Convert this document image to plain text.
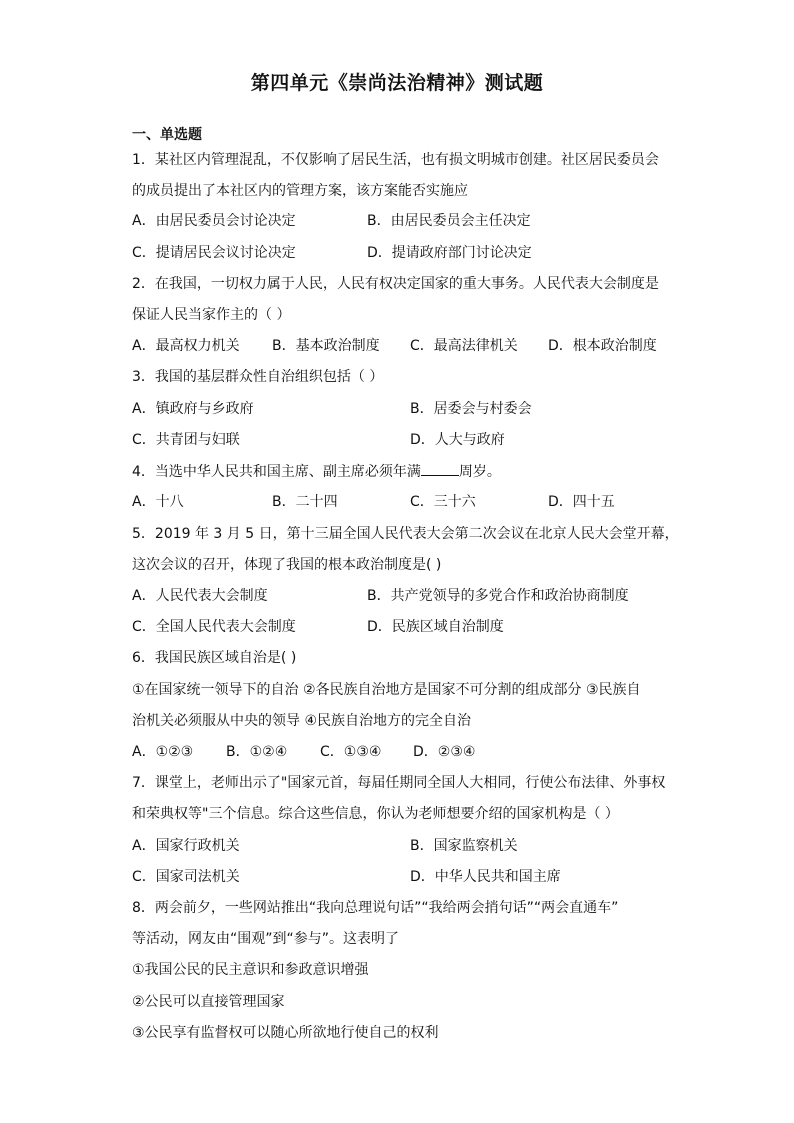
第四单元《崇尚法治精神》测试题
一、单选题
1．某社区内管理混乱，不仅影响了居民生活，也有损文明城市创建。社区居民委员会
的成员提出了本社区内的管理方案，该方案能否实施应
A．由居民委员会讨论决定	B．由居民委员会主任决定
C．提请居民会议讨论决定	D．提请政府部门讨论决定
2．在我国，一切权力属于人民，人民有权决定国家的重大事务。人民代表大会制度是
保证人民当家作主的（ ）
A．最高权力机关 B．基本政治制度 C．最高法律机关 D．根本政治制度
3．我国的基层群众性自治组织包括（ ）
A．镇政府与乡政府	B．居委会与村委会
C．共青团与妇联	D．人大与政府
4．当选中华人民共和国主席、副主席必须年满	周岁。
A．十八	B．二十四	C．三十六	D．四十五
5．2019 年 3 月 5 日，第十三届全国人民代表大会第二次会议在北京人民大会堂开幕，
这次会议的召开，体现了我国的根本政治制度是( )
A．人民代表大会制度	B．共产党领导的多党合作和政治协商制度
C．全国人民代表大会制度	D．民族区域自治制度
6．我国民族区域自治是( )
①在国家统一领导下的自治 ②各民族自治地方是国家不可分割的组成部分 ③民族自
治机关必须服从中央的领导 ④民族自治地方的完全自治
A．①②③ B．①②④ C．①③④ D．②③④
7．课堂上，老师出示了"国家元首，每届任期同全国人大相同，行使公布法律、外事权
和荣典权等"三个信息。综合这些信息，你认为老师想要介绍的国家机构是（ ）
A．国家行政机关	B．国家监察机关
C．国家司法机关	D．中华人民共和国主席
8．两会前夕，一些网站推出“我向总理说句话”“我给两会捎句话”“两会直通车”
等活动，网友由“围观”到“参与”。这表明了
①我国公民的民主意识和参政意识增强
②公民可以直接管理国家
③公民享有监督权可以随心所欲地行使自己的权利
